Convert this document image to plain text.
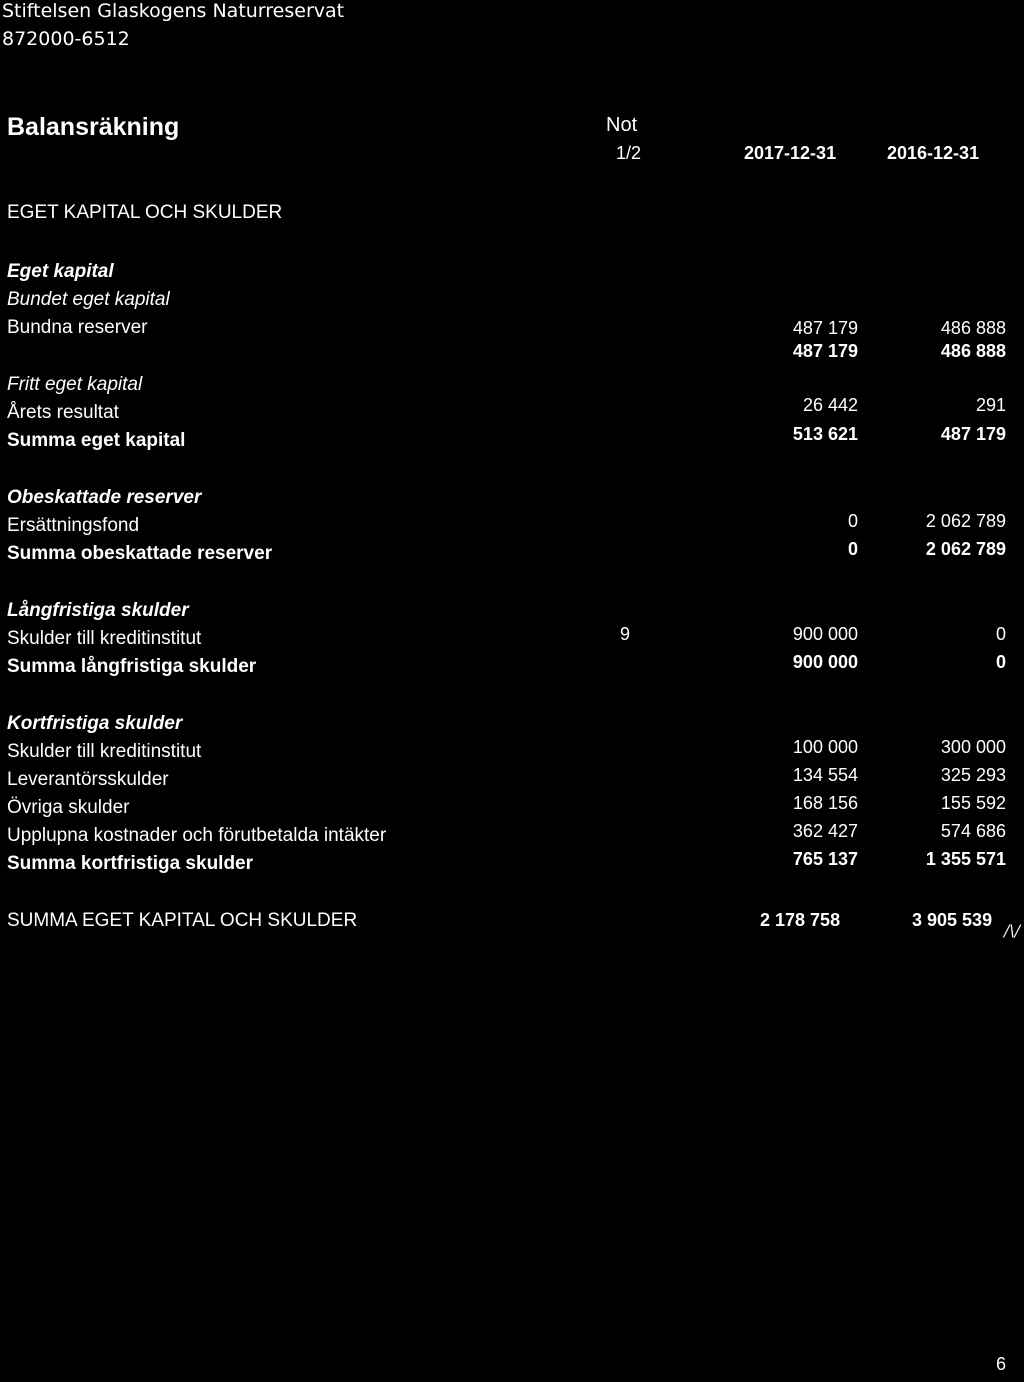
Stiftelsen Glaskogens Naturreservat
872000-6512
Balansräkning	Not
1/2	2017-12-31	2016-12-31
EGET KAPITAL OCH SKULDER
Eget kapital
Bundet eget kapital
Bundna reserver	487 179	486 888
487 179	486 888
Fritt eget kapital
Årets resultat	26 442	291
Summa eget kapital	513 621	487 179
Obeskattade reserver
Ersättningsfond	0	2 062 789
Summa obeskattade reserver	0	2 062 789
Långfristiga skulder
Skulder till kreditinstitut	9	900 000	0
Summa långfristiga skulder	900 000	0
Kortfristiga skulder
Skulder till kreditinstitut	100 000	300 000
Leverantörsskulder	134 554	325 293
Övriga skulder	168 156	155 592
Upplupna kostnader och förutbetalda intäkter	362 427	574 686
Summa kortfristiga skulder	765 137	1 355 571
SUMMA EGET KAPITAL OCH SKULDER	2 178 758	3 905 539
/\/
6
